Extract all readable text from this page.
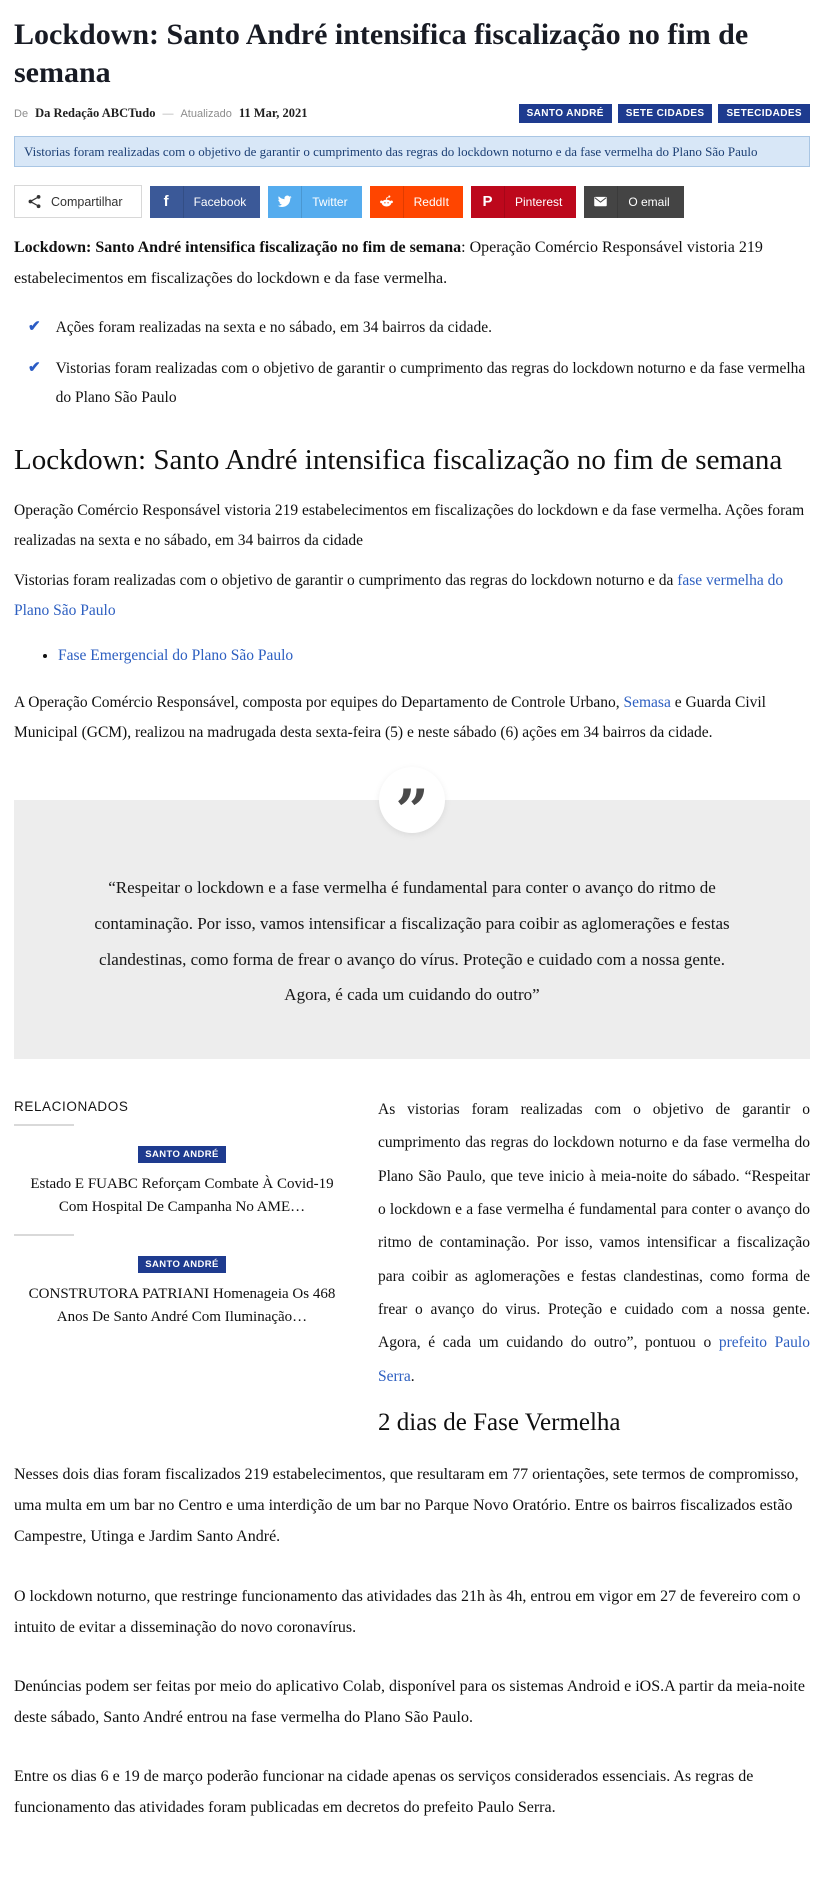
Lockdown: Santo André intensifica fiscalização no fim de semana
De Da Redação ABCTudo — Atualizado 11 Mar, 2021	SANTO ANDRÉ	SETE CIDADES	SETECIDADES
Vistorias foram realizadas com o objetivo de garantir o cumprimento das regras do lockdown noturno e da fase vermelha do Plano São Paulo
Compartilhar	f	Facebook	Twitter	ReddIt	P	Pinterest	O email

Lockdown: Santo André intensifica fiscalização no fim de semana: Operação Comércio Responsável vistoria 219 estabelecimentos em fiscalizações do lockdown e da fase vermelha.

✔ Ações foram realizadas na sexta e no sábado, em 34 bairros da cidade.
✔ Vistorias foram realizadas com o objetivo de garantir o cumprimento das regras do lockdown noturno e da fase vermelha do Plano São Paulo
Lockdown: Santo André intensifica fiscalização no fim de semana

Operação Comércio Responsável vistoria 219 estabelecimentos em fiscalizações do lockdown e da fase vermelha. Ações foram realizadas na sexta e no sábado, em 34 bairros da cidade

Vistorias foram realizadas com o objetivo de garantir o cumprimento das regras do lockdown noturno e da fase vermelha do Plano São Paulo

• Fase Emergencial do Plano São Paulo

A Operação Comércio Responsável, composta por equipes do Departamento de Controle Urbano, Semasa e Guarda Civil Municipal (GCM), realizou na madrugada desta sexta-feira (5) e neste sábado (6) ações em 34 bairros da cidade.

”
“Respeitar o lockdown e a fase vermelha é fundamental para conter o avanço do ritmo de contaminação. Por isso, vamos intensificar a fiscalização para coibir as aglomerações e festas clandestinas, como forma de frear o avanço do vírus. Proteção e cuidado com a nossa gente. Agora, é cada um cuidando do outro”
RELACIONADOS
SANTO ANDRÉ
Estado E FUABC Reforçam Combate À Covid-19 Com Hospital De Campanha No AME…
SANTO ANDRÉ
CONSTRUTORA PATRIANI Homenageia Os 468 Anos De Santo André Com Iluminação…

As vistorias foram realizadas com o objetivo de garantir o cumprimento das regras do lockdown noturno e da fase vermelha do Plano São Paulo, que teve inicio à meia-noite do sábado. “Respeitar o lockdown e a fase vermelha é fundamental para conter o avanço do ritmo de contaminação. Por isso, vamos intensificar a fiscalização para coibir as aglomerações e festas clandestinas, como forma de frear o avanço do virus. Proteção e cuidado com a nossa gente. Agora, é cada um cuidando do outro”, pontuou o prefeito Paulo Serra.

2 dias de Fase Vermelha

Nesses dois dias foram fiscalizados 219 estabelecimentos, que resultaram em 77 orientações, sete termos de compromisso, uma multa em um bar no Centro e uma interdição de um bar no Parque Novo Oratório. Entre os bairros fiscalizados estão Campestre, Utinga e Jardim Santo André.

O lockdown noturno, que restringe funcionamento das atividades das 21h às 4h, entrou em vigor em 27 de fevereiro com o intuito de evitar a disseminação do novo coronavírus.

Denúncias podem ser feitas por meio do aplicativo Colab, disponível para os sistemas Android e iOS.A partir da meia-noite deste sábado, Santo André entrou na fase vermelha do Plano São Paulo.

Entre os dias 6 e 19 de março poderão funcionar na cidade apenas os serviços considerados essenciais. As regras de funcionamento das atividades foram publicadas em decretos do prefeito Paulo Serra.
